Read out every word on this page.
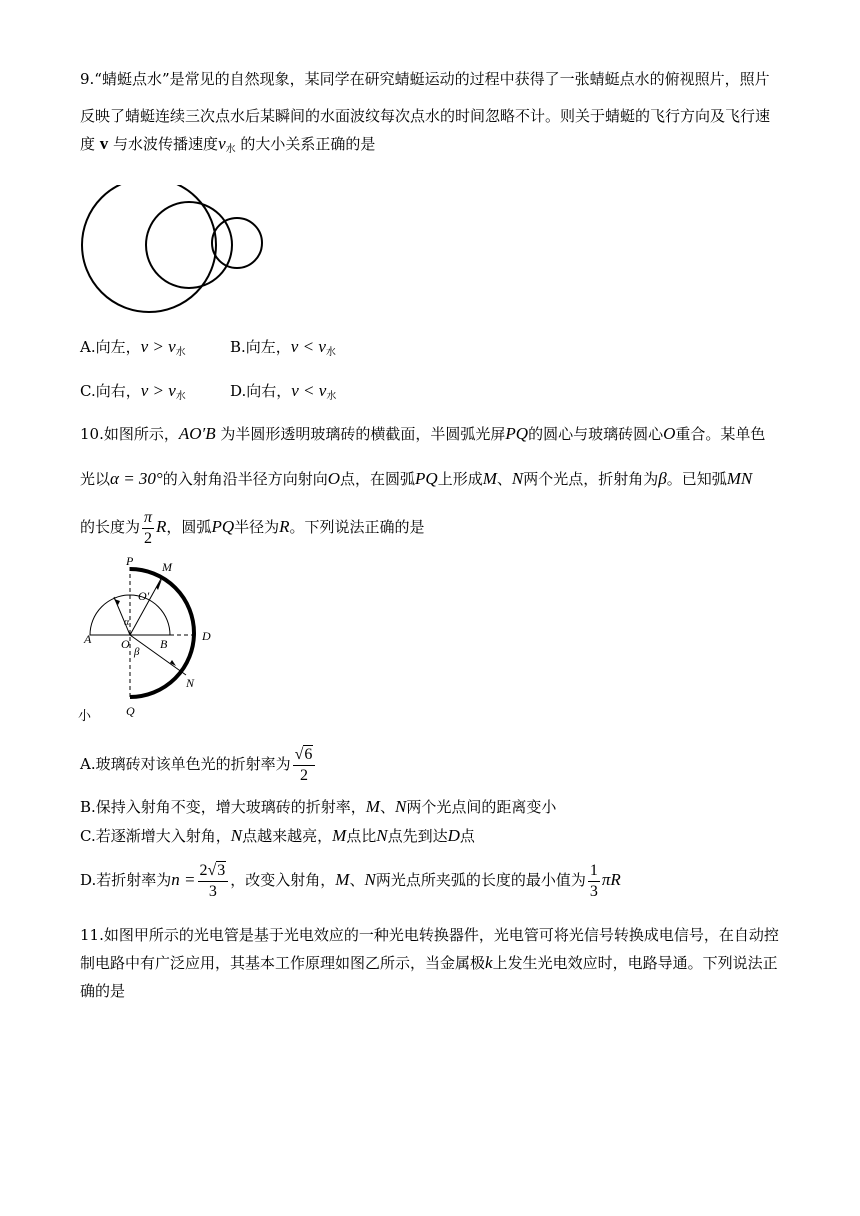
9.“蜻蜓点水”是常见的自然现象，某同学在研究蜻蜓运动的过程中获得了一张蜻蜓点水的俯视照片，照片
反映了蜻蜓连续三次点水后某瞬间的水面波纹每次点水的时间忽略不计。则关于蜻蜓的飞行方向及飞行速
度 v 与水波传播速度$v_水$ 的大小关系正确的是
A.向左，$v > v_水$	B.向左，$v < v_水$
C.向右，$v > v_水$	D.向右，$v < v_水$
10.如图所示，AO′B 为半圆形透明玻璃砖的横截面，半圆弧光屏PQ的圆心与玻璃砖圆心O重合。某单色
光以α = 30°的入射角沿半径方向射向O点，在圆弧PQ上形成M、N两个光点，折射角为β。已知弧MN
的长度为 $\frac{\pi}{2}$ R，圆弧PQ半径为R。下列说法正确的是
P M
O′
A O	B
D
α
β
N
Q
小
A.玻璃砖对该单色光的折射率为 $\frac{√6}{2}$
B.保持入射角不变，增大玻璃砖的折射率，M、N两个光点间的距离变小
C.若逐渐增大入射角，N点越来越亮，M点比N点先到达D点
D.若折射率为$n = \frac{2√3}{3}$ ，改变入射角，M、N两光点所夹弧的长度的最小值为 $\frac{1}{3}$ πR
11.如图甲所示的光电管是基于光电效应的一种光电转换器件，光电管可将光信号转换成电信号，在自动控
制电路中有广泛应用，其基本工作原理如图乙所示，当金属极k上发生光电效应时，电路导通。下列说法正
确的是
